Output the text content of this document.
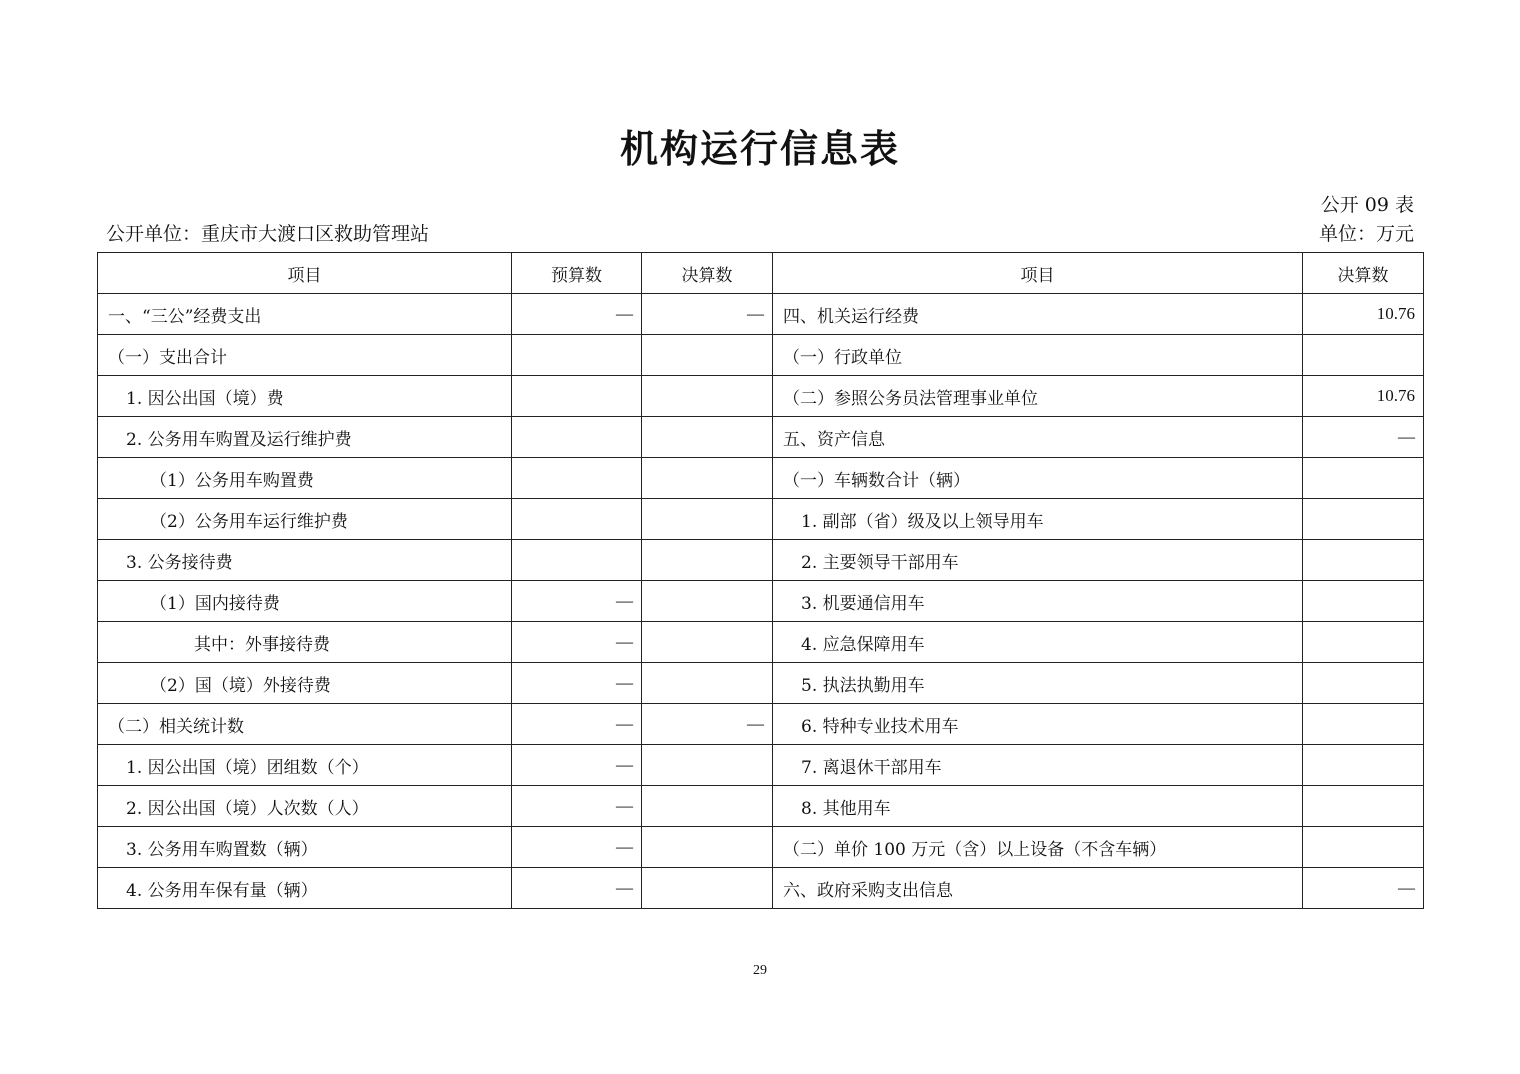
机构运行信息表
公开 09 表
公开单位：重庆市大渡口区救助管理站	单位：万元
项目	预算数	决算数	项目	决算数
一、“三公”经费支出	—	—	四、机关运行经费	10.76
（一）支出合计			（一）行政单位	
1. 因公出国（境）费			（二）参照公务员法管理事业单位	10.76
2. 公务用车购置及运行维护费			五、资产信息	—
（1）公务用车购置费			（一）车辆数合计（辆）	
（2）公务用车运行维护费			1. 副部（省）级及以上领导用车	
3. 公务接待费			2. 主要领导干部用车	
（1）国内接待费	—		3. 机要通信用车	
其中：外事接待费	—		4. 应急保障用车	
（2）国（境）外接待费	—		5. 执法执勤用车	
（二）相关统计数	—	—	6. 特种专业技术用车	
1. 因公出国（境）团组数（个）	—		7. 离退休干部用车	
2. 因公出国（境）人次数（人）	—		8. 其他用车	
3. 公务用车购置数（辆）	—		（二）单价 100 万元（含）以上设备（不含车辆）	
4. 公务用车保有量（辆）	—		六、政府采购支出信息	—
29
